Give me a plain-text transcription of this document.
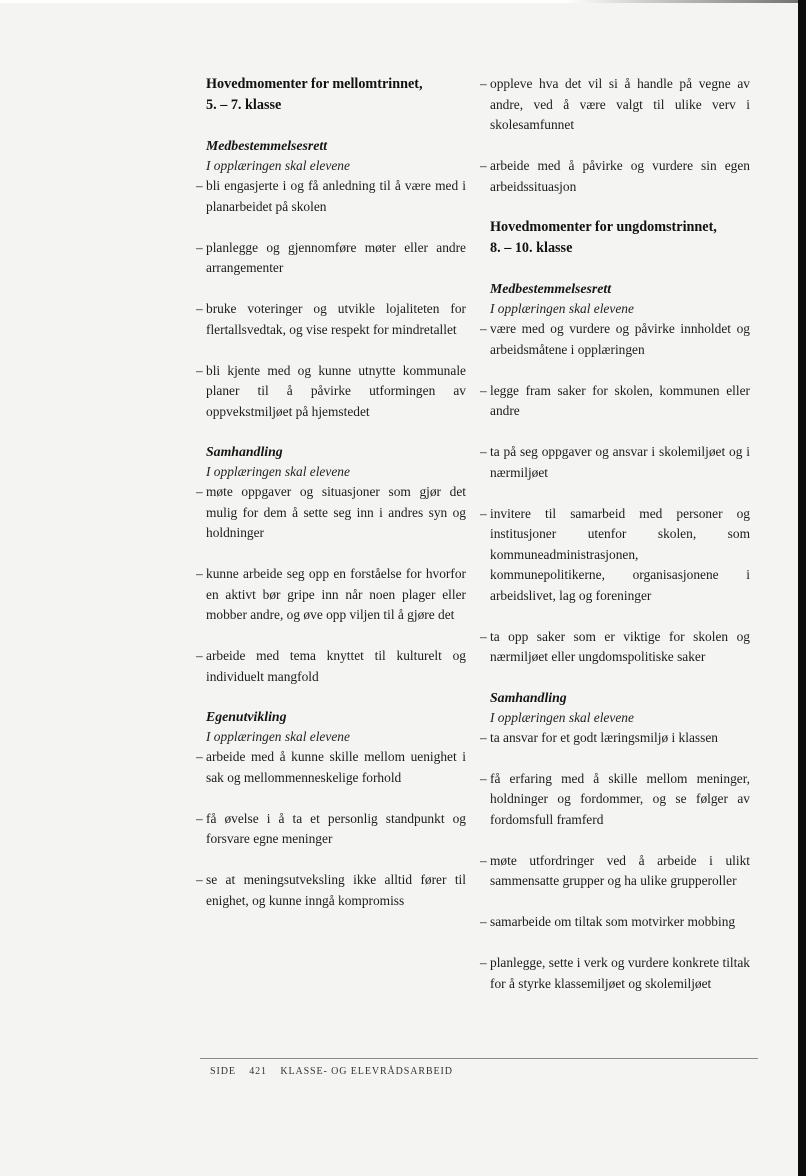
Hovedmomenter for mellomtrinnet,
5. – 7. klasse
Medbestemmelsesrett
I opplæringen skal elevene
– bli engasjerte i og få anledning til å være med i planarbeidet på skolen
– planlegge og gjennomføre møter eller andre arrangementer
– bruke voteringer og utvikle lojaliteten for flertallsvedtak, og vise respekt for mindretallet
– bli kjente med og kunne utnytte kommunale planer til å påvirke utformingen av oppvekstmiljøet på hjemstedet
Samhandling
I opplæringen skal elevene
– møte oppgaver og situasjoner som gjør det mulig for dem å sette seg inn i andres syn og holdninger
– kunne arbeide seg opp en forståelse for hvorfor en aktivt bør gripe inn når noen plager eller mobber andre, og øve opp viljen til å gjøre det
– arbeide med tema knyttet til kulturelt og individuelt mangfold
Egenutvikling
I opplæringen skal elevene
– arbeide med å kunne skille mellom uenighet i sak og mellommenneskelige forhold
– få øvelse i å ta et personlig standpunkt og forsvare egne meninger
– se at meningsutveksling ikke alltid fører til enighet, og kunne inngå kompromiss
– oppleve hva det vil si å handle på vegne av andre, ved å være valgt til ulike verv i skolesamfunnet
– arbeide med å påvirke og vurdere sin egen arbeidssituasjon
Hovedmomenter for ungdomstrinnet,
8. – 10. klasse
Medbestemmelsesrett
I opplæringen skal elevene
– være med og vurdere og påvirke innholdet og arbeidsmåtene i opplæringen
– legge fram saker for skolen, kommunen eller andre
– ta på seg oppgaver og ansvar i skolemiljøet og i nærmiljøet
– invitere til samarbeid med personer og institusjoner utenfor skolen, som kommuneadministrasjonen, kommunepolitikerne, organisasjonene i arbeidslivet, lag og foreninger
– ta opp saker som er viktige for skolen og nærmiljøet eller ungdomspolitiske saker
Samhandling
I opplæringen skal elevene
– ta ansvar for et godt læringsmiljø i klassen
– få erfaring med å skille mellom meninger, holdninger og fordommer, og se følger av fordomsfull framferd
– møte utfordringer ved å arbeide i ulikt sammensatte grupper og ha ulike grupperoller
– samarbeide om tiltak som motvirker mobbing
– planlegge, sette i verk og vurdere konkrete tiltak for å styrke klassemiljøet og skolemiljøet
SIDE 421 KLASSE- OG ELEVRÅDSARBEID
